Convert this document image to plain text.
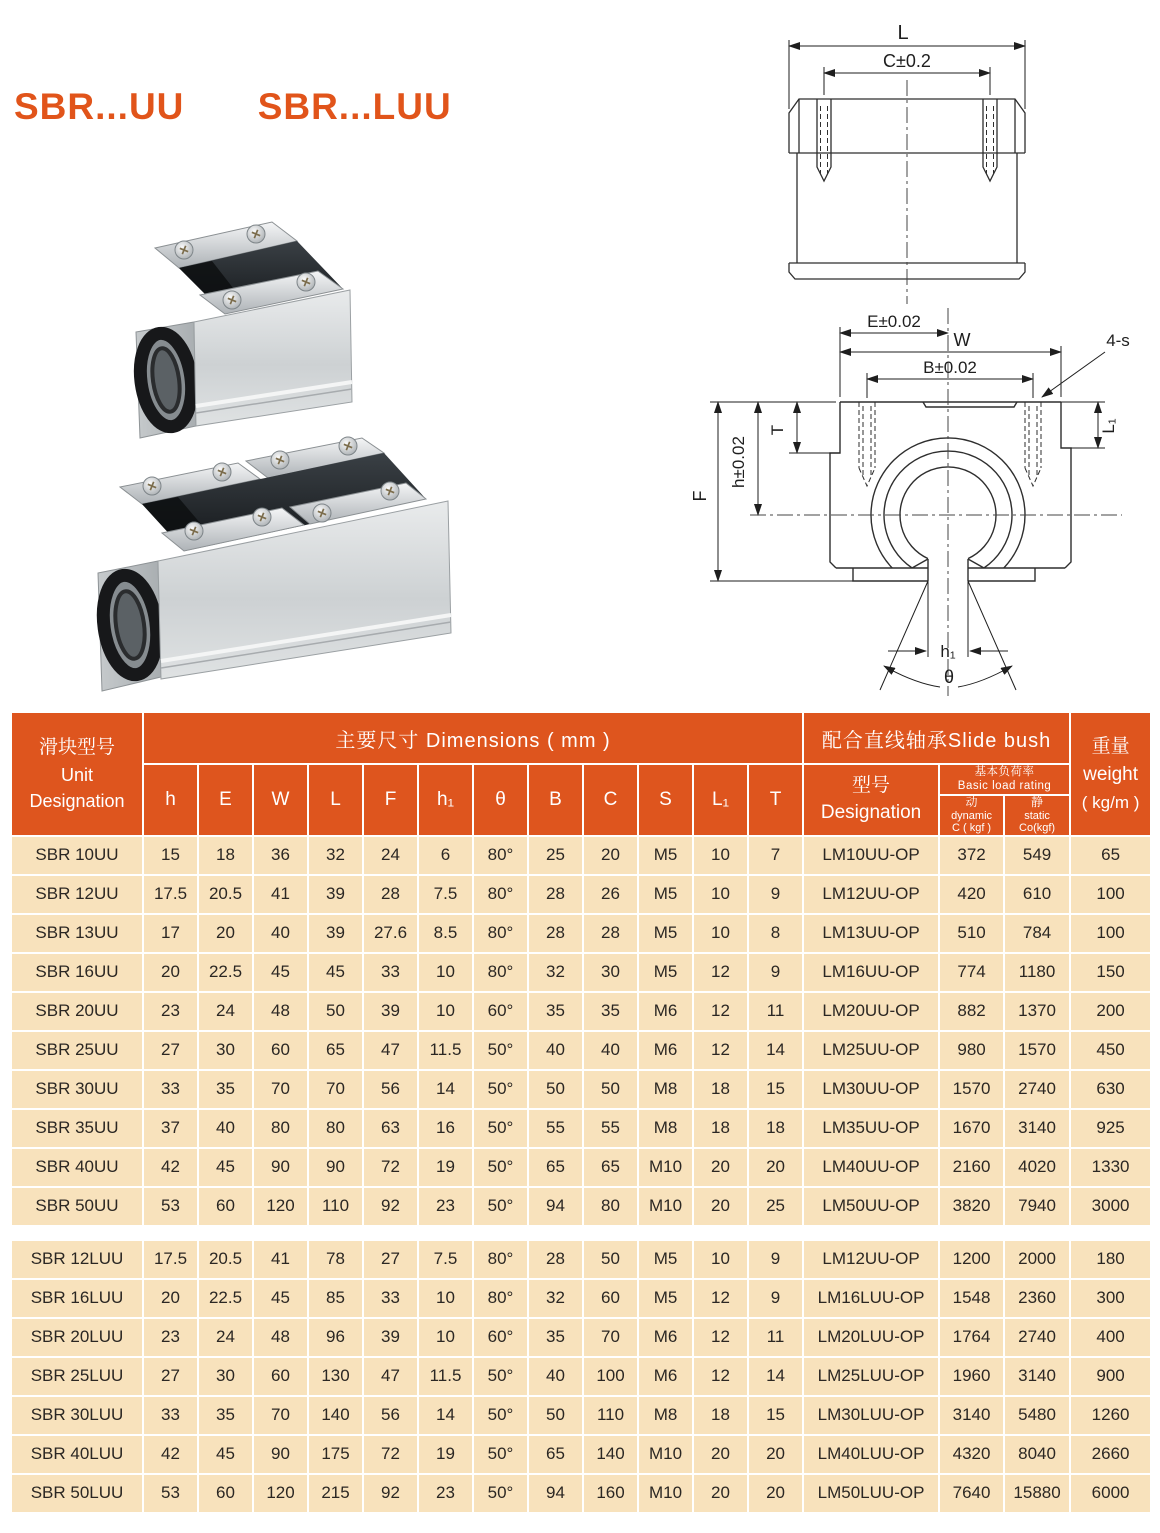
SBR...UU SBR...LUU
L
C±0.2
E±0.02
W
B±0.02
4-s
F
h±0.02
T	L₁
h₁
θ
滑块型号
Unit
Designation
	主要尺寸 Dimensions ( mm )	配合直线轴承Slide bush	重量
weight
( kg/m )

h	E	W	L	F	h₁	θ	B	C	S	L₁	T	
型号
Designation

基本负荷率
Basic load rating

动
dynamic
C ( kgf )

静
static
Co(kgf)

SBR 10UU	15	18	36	32	24	6	80°	25	20	M5	10	7	LM10UU-OP	372	549	65
SBR 12UU	17.5	20.5	41	39	28	7.5	80°	28	26	M5	10	9	LM12UU-OP	420	610	100
SBR 13UU	17	20	40	39	27.6	8.5	80°	28	28	M5	10	8	LM13UU-OP	510	784	100
SBR 16UU	20	22.5	45	45	33	10	80°	32	30	M5	12	9	LM16UU-OP	774	1180	150
SBR 20UU	23	24	48	50	39	10	60°	35	35	M6	12	11	LM20UU-OP	882	1370	200
SBR 25UU	27	30	60	65	47	11.5	50°	40	40	M6	12	14	LM25UU-OP	980	1570	450
SBR 30UU	33	35	70	70	56	14	50°	50	50	M8	18	15	LM30UU-OP	1570	2740	630
SBR 35UU	37	40	80	80	63	16	50°	55	55	M8	18	18	LM35UU-OP	1670	3140	925
SBR 40UU	42	45	90	90	72	19	50°	65	65	M10	20	20	LM40UU-OP	2160	4020	1330
SBR 50UU	53	60	120	110	92	23	50°	94	80	M10	20	25	LM50UU-OP	3820	7940	3000

SBR 12LUU	17.5	20.5	41	78	27	7.5	80°	28	50	M5	10	9	LM12UU-OP	1200	2000	180
SBR 16LUU	20	22.5	45	85	33	10	80°	32	60	M5	12	9	LM16LUU-OP	1548	2360	300
SBR 20LUU	23	24	48	96	39	10	60°	35	70	M6	12	11	LM20LUU-OP	1764	2740	400
SBR 25LUU	27	30	60	130	47	11.5	50°	40	100	M6	12	14	LM25LUU-OP	1960	3140	900
SBR 30LUU	33	35	70	140	56	14	50°	50	110	M8	18	15	LM30LUU-OP	3140	5480	1260
SBR 40LUU	42	45	90	175	72	19	50°	65	140	M10	20	20	LM40LUU-OP	4320	8040	2660
SBR 50LUU	53	60	120	215	92	23	50°	94	160	M10	20	20	LM50LUU-OP	7640	15880	6000
